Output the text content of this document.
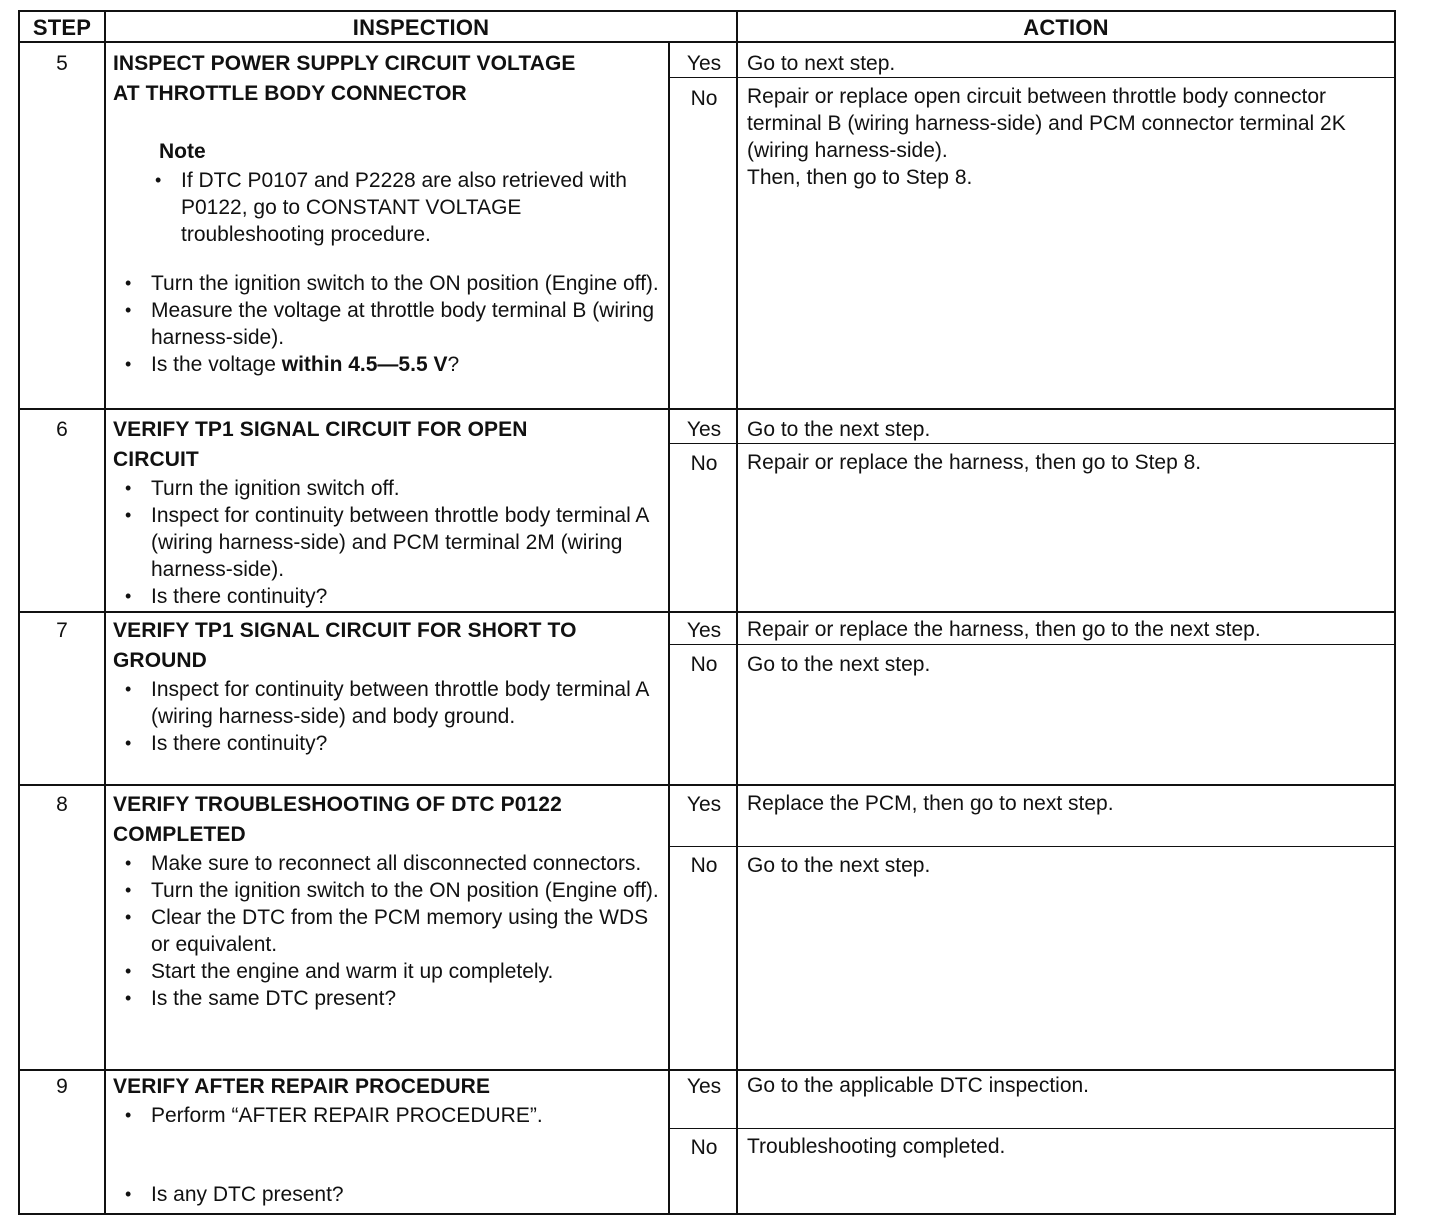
STEP	INSPECTION	ACTION
5	INSPECT POWER SUPPLY CIRCUIT VOLTAGE
AT THROTTLE BODY CONNECTOR
Note
• If DTC P0107 and P2228 are also retrieved with P0122, go to CONSTANT VOLTAGE troubleshooting procedure.
• Turn the ignition switch to the ON position (Engine off).
• Measure the voltage at throttle body terminal B (wiring harness-side).
• Is the voltage within 4.5—5.5 V?
Yes	Go to next step.
No	Repair or replace open circuit between throttle body connector terminal B (wiring harness-side) and PCM connector terminal 2K (wiring harness-side).
Then, then go to Step 8.
6	VERIFY TP1 SIGNAL CIRCUIT FOR OPEN
CIRCUIT
• Turn the ignition switch off.
• Inspect for continuity between throttle body terminal A (wiring harness-side) and PCM terminal 2M (wiring harness-side).
• Is there continuity?
Yes	Go to the next step.
No	Repair or replace the harness, then go to Step 8.
7	VERIFY TP1 SIGNAL CIRCUIT FOR SHORT TO
GROUND
• Inspect for continuity between throttle body terminal A (wiring harness-side) and body ground.
• Is there continuity?
Yes	Repair or replace the harness, then go to the next step.
No	Go to the next step.
8	VERIFY TROUBLESHOOTING OF DTC P0122
COMPLETED
• Make sure to reconnect all disconnected connectors.
• Turn the ignition switch to the ON position (Engine off).
• Clear the DTC from the PCM memory using the WDS or equivalent.
• Start the engine and warm it up completely.
• Is the same DTC present?
Yes	Replace the PCM, then go to next step.
No	Go to the next step.
9	VERIFY AFTER REPAIR PROCEDURE
• Perform “AFTER REPAIR PROCEDURE”.
• Is any DTC present?
Yes	Go to the applicable DTC inspection.
No	Troubleshooting completed.
